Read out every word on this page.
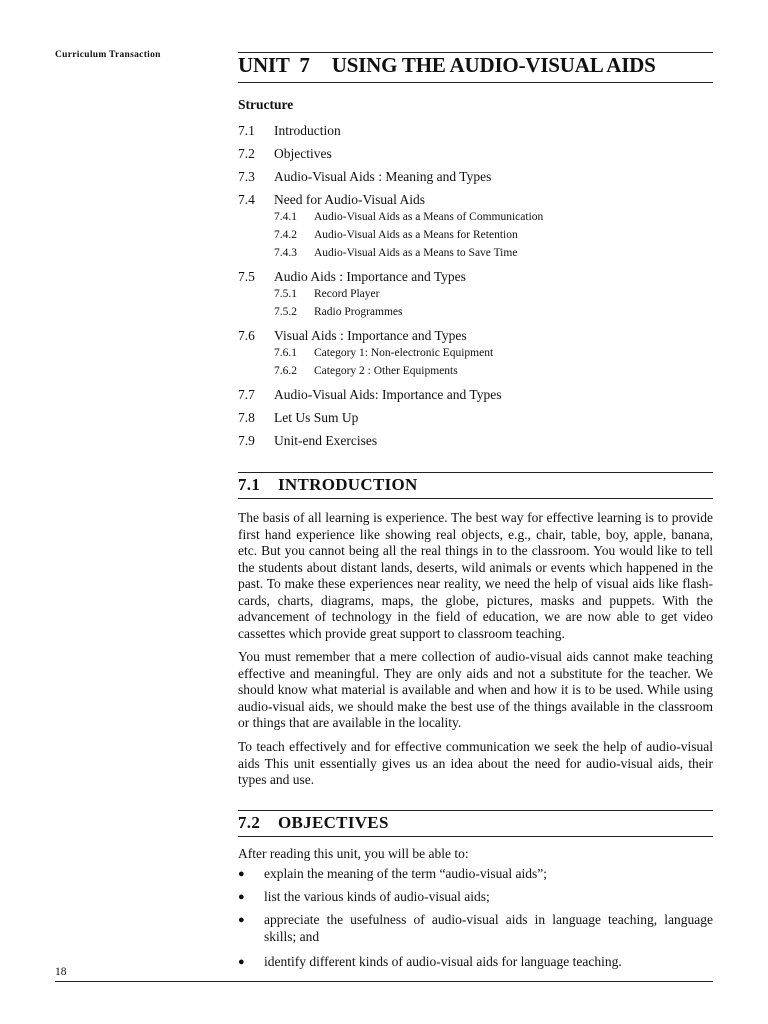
Curriculum Transaction	UNIT  7 USING THE AUDIO-VISUAL AIDS
Structure
7.1 Introduction
7.2 Objectives
7.3 Audio-Visual Aids : Meaning and Types
7.4 Need for Audio-Visual Aids
7.4.1 Audio-Visual Aids as a Means of Communication
7.4.2 Audio-Visual Aids as a Means for Retention
7.4.3 Audio-Visual Aids as a Means to Save Time
7.5 Audio Aids : Importance and Types
7.5.1 Record Player
7.5.2 Radio Programmes
7.6 Visual Aids : Importance and Types
7.6.1 Category 1: Non-electronic Equipment
7.6.2 Category 2 : Other Equipments
7.7 Audio-Visual Aids: Importance and Types
7.8 Let Us Sum Up
7.9 Unit-end Exercises
7.1 INTRODUCTION

The basis of all learning is experience. The best way for effective learning is to provide first hand experience like showing real objects, e.g., chair, table, boy, apple, banana, etc. But you cannot being all the real things in to the classroom. You would like to tell the students about distant lands, deserts, wild animals or events which happened in the past. To make these experiences near reality, we need the help of visual aids like flash-cards, charts, diagrams, maps, the globe, pictures, masks and puppets. With the advancement of technology in the field of education, we are now able to get video cassettes which provide great support to classroom teaching.

You must remember that a mere collection of audio-visual aids cannot make teaching effective and meaningful. They are only aids and not a substitute for the teacher. We should know what material is available and when and how it is to be used. While using audio-visual aids, we should make the best use of the things available in the classroom or things that are available in the locality.

To teach effectively and for effective communication we seek the help of audio-visual aids This unit essentially gives us an idea about the need for audio-visual aids, their types and use.

7.2 OBJECTIVES

After reading this unit, you will be able to:

● explain the meaning of the term “audio-visual aids”;
● list the various kinds of audio-visual aids;
● appreciate the usefulness of audio-visual aids in language teaching, language skills; and
● identify different kinds of audio-visual aids for language teaching.
18
